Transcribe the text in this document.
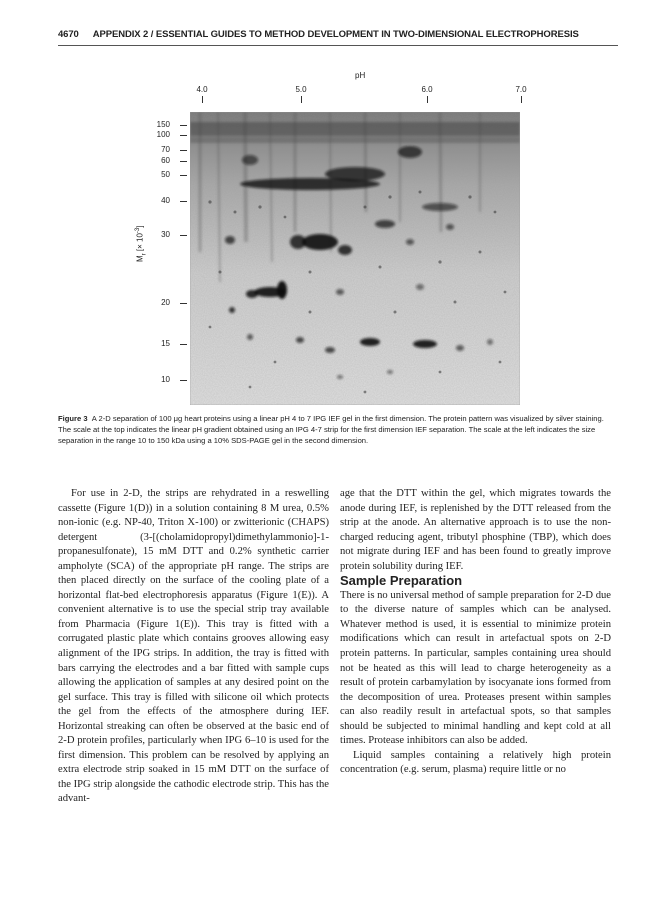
4670 APPENDIX 2 / ESSENTIAL GUIDES TO METHOD DEVELOPMENT IN TWO-DIMENSIONAL ELECTROPHORESIS
pH
4.0	5.0	6.0	7.0
150
100
70
60
50
40
30
20
15
10
$M_r$ [× $10^{-3}$]
Figure 3 A 2-D separation of 100 μg heart proteins using a linear pH 4 to 7 IPG IEF gel in the first dimension. The protein pattern was visualized by silver staining. The scale at the top indicates the linear pH gradient obtained using an IPG 4-7 strip for the first dimension IEF separation. The scale at the left indicates the size separation in the range 10 to 150 kDa using a 10% SDS-PAGE gel in the second dimension.

For use in 2-D, the strips are rehydrated in a reswelling cassette (Figure 1(D)) in a solution containing 8 M urea, 0.5% non-ionic (e.g. NP-40, Triton X-100) or zwitterionic (CHAPS) detergent (3-[(cholamidopropyl)dimethylammonio]-1-propanesulfonate), 15 mM DTT and 0.2% synthetic carrier ampholyte (SCA) of the appropriate pH range. The strips are then placed directly on the surface of the cooling plate of a horizontal flat-bed electrophoresis apparatus (Figure 1(E)). A convenient alternative is to use the special strip tray available from Pharmacia (Figure 1(E)). This tray is fitted with a corrugated plastic plate which contains grooves allowing easy alignment of the IPG strips. In addition, the tray is fitted with bars carrying the electrodes and a bar fitted with sample cups allowing the application of samples at any desired point on the gel surface. This tray is filled with silicone oil which protects the gel from the effects of the atmosphere during IEF. Horizontal streaking can often be observed at the basic end of 2-D protein profiles, particularly when IPG 6–10 is used for the first dimension. This problem can be resolved by applying an extra electrode strip soaked in 15 mM DTT on the surface of the IPG strip alongside the cathodic electrode strip. This has the advant-

age that the DTT within the gel, which migrates towards the anode during IEF, is replenished by the DTT released from the strip at the anode. An alternative approach is to use the non-charged reducing agent, tributyl phosphine (TBP), which does not migrate during IEF and has been found to greatly improve protein solubility during IEF.

Sample Preparation

There is no universal method of sample preparation for 2-D due to the diverse nature of samples which can be analysed. Whatever method is used, it is essential to minimize protein modifications which can result in artefactual spots on 2-D protein patterns. In particular, samples containing urea should not be heated as this will lead to charge heterogeneity as a result of protein carbamylation by isocyanate ions formed from the decomposition of urea. Proteases present within samples can also readily result in artefactual spots, so that samples should be subjected to minimal handling and kept cold at all times. Protease inhibitors can also be added.

Liquid samples containing a relatively high protein concentration (e.g. serum, plasma) require little or no
